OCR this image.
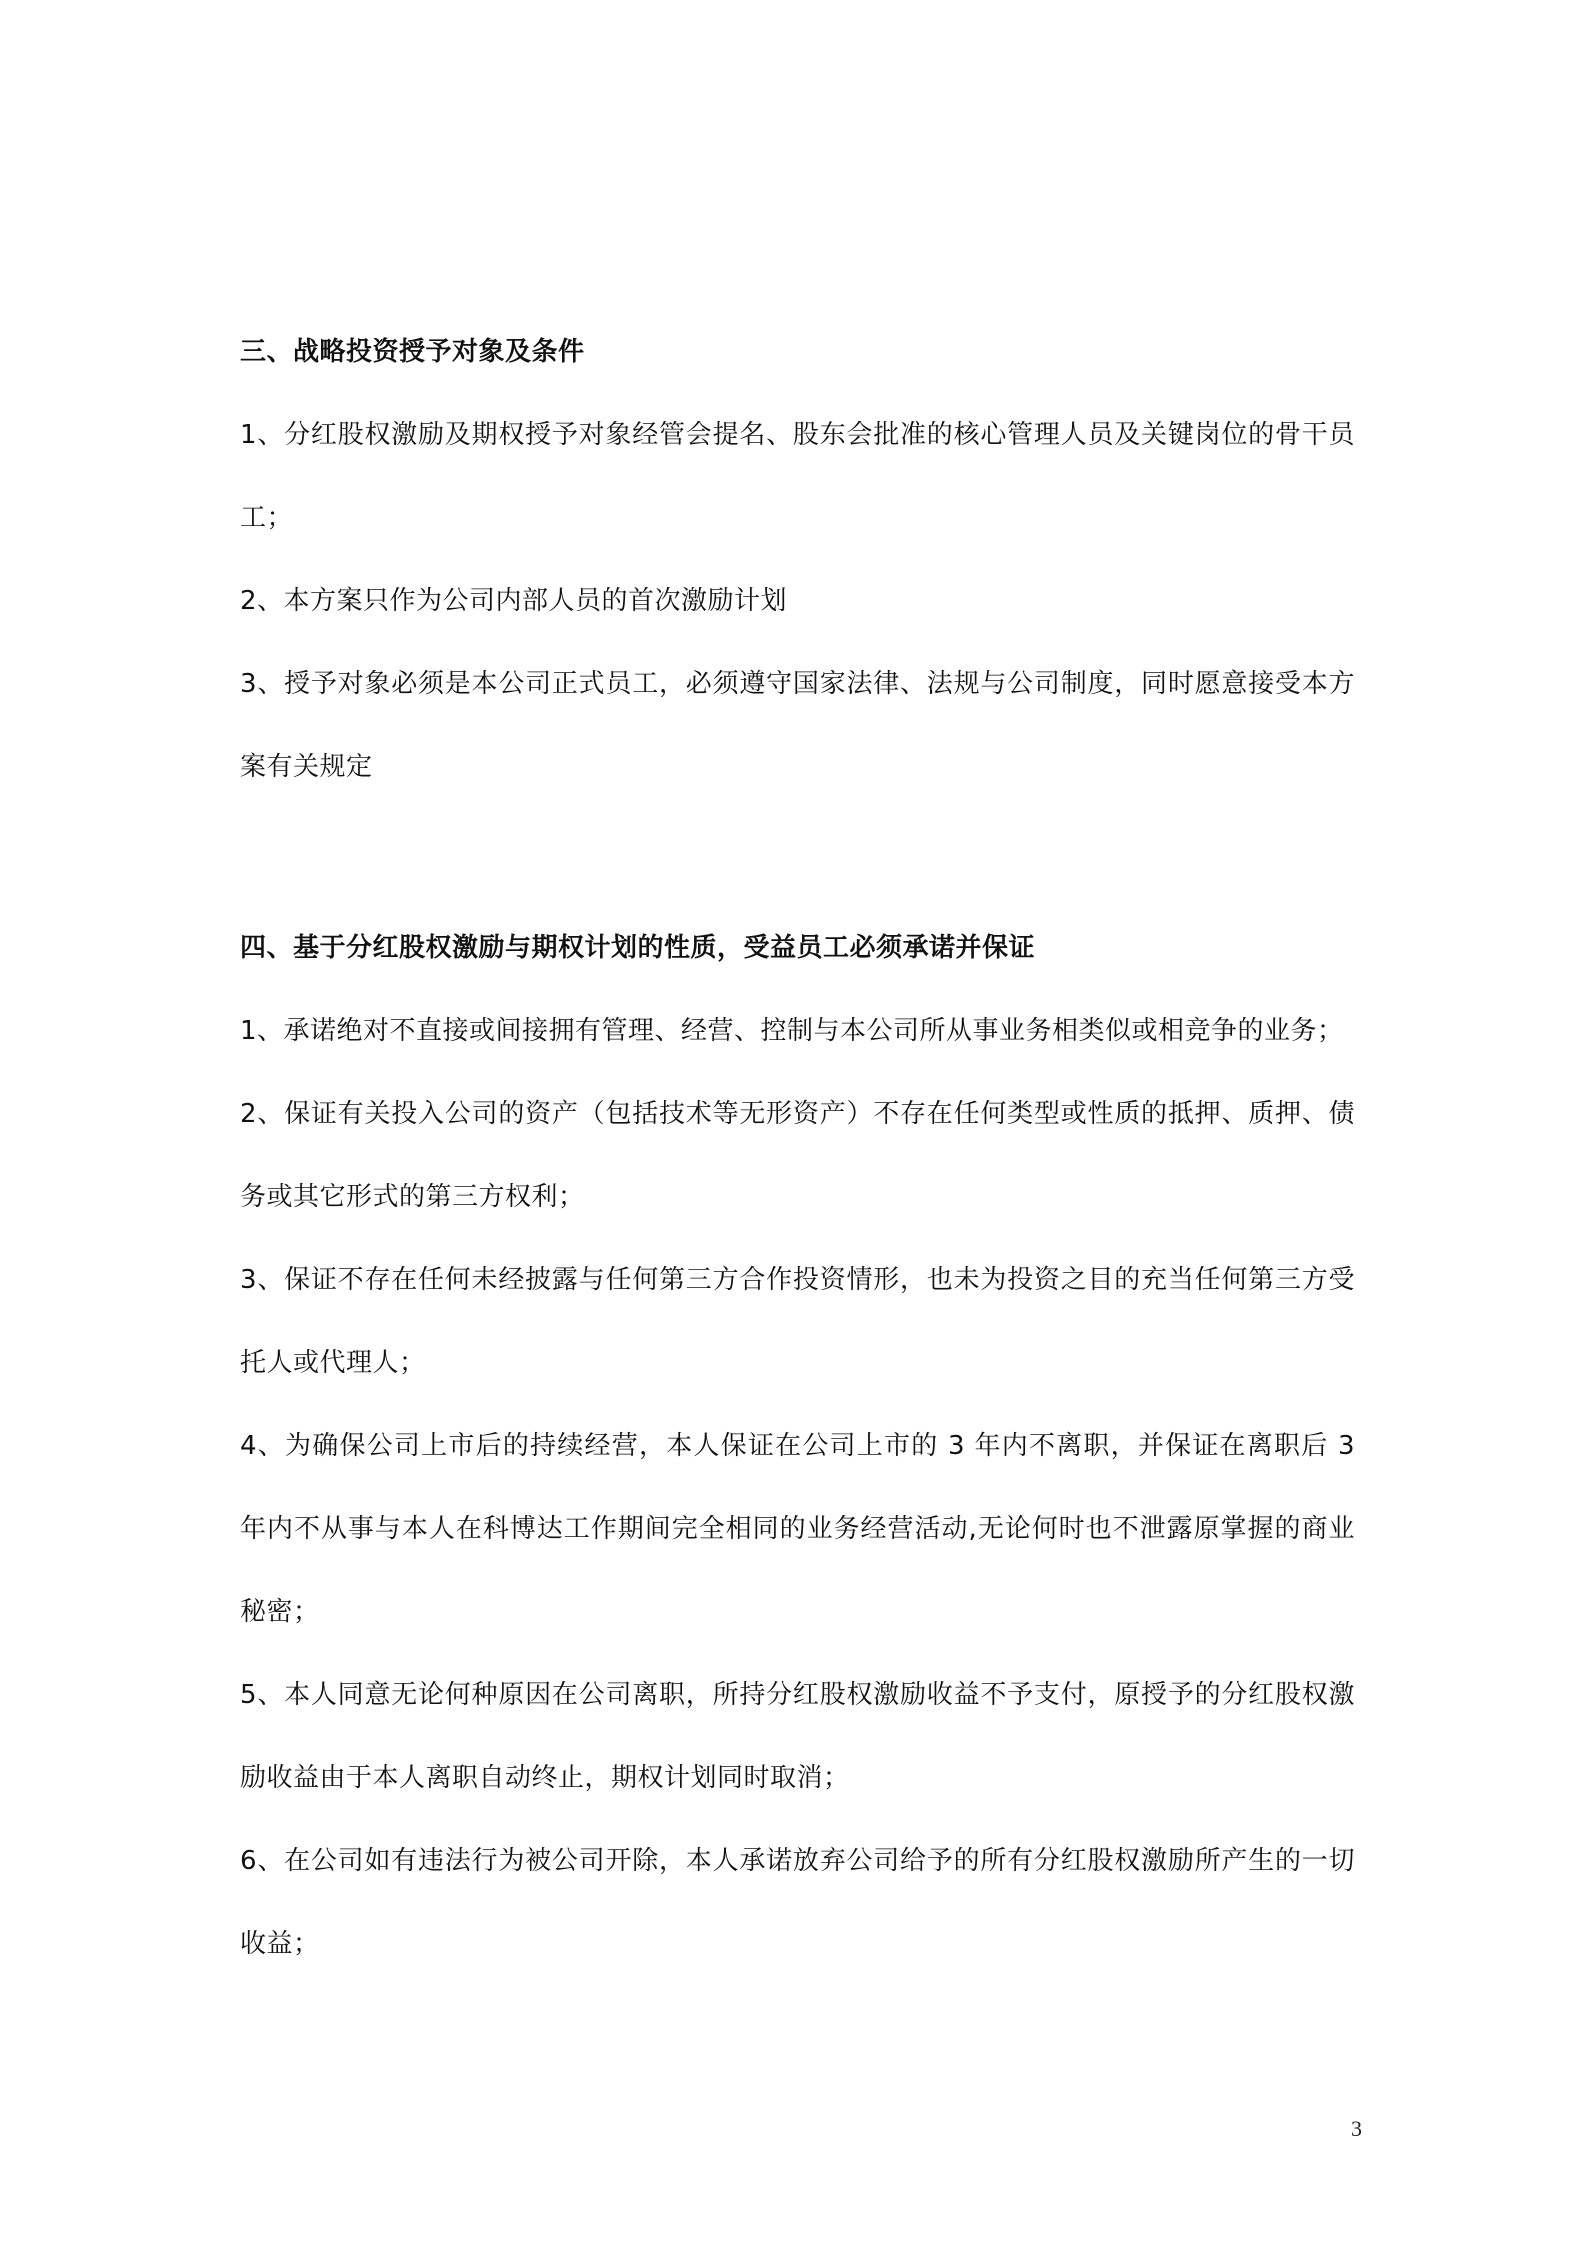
三、战略投资授予对象及条件

1、分红股权激励及期权授予对象经管会提名、股东会批准的核心管理人员及关键岗位的骨干员工；

2、本方案只作为公司内部人员的首次激励计划

3、授予对象必须是本公司正式员工，必须遵守国家法律、法规与公司制度，同时愿意接受本方案有关规定

四、基于分红股权激励与期权计划的性质，受益员工必须承诺并保证

1、承诺绝对不直接或间接拥有管理、经营、控制与本公司所从事业务相类似或相竞争的业务；

2、保证有关投入公司的资产（包括技术等无形资产）不存在任何类型或性质的抵押、质押、债务或其它形式的第三方权利；

3、保证不存在任何未经披露与任何第三方合作投资情形，也未为投资之目的充当任何第三方受托人或代理人；

4、为确保公司上市后的持续经营，本人保证在公司上市的 3 年内不离职，并保证在离职后 3 年内不从事与本人在科博达工作期间完全相同的业务经营活动,无论何时也不泄露原掌握的商业秘密；

5、本人同意无论何种原因在公司离职，所持分红股权激励收益不予支付，原授予的分红股权激励收益由于本人离职自动终止，期权计划同时取消；

6、在公司如有违法行为被公司开除，本人承诺放弃公司给予的所有分红股权激励所产生的一切收益；

3
